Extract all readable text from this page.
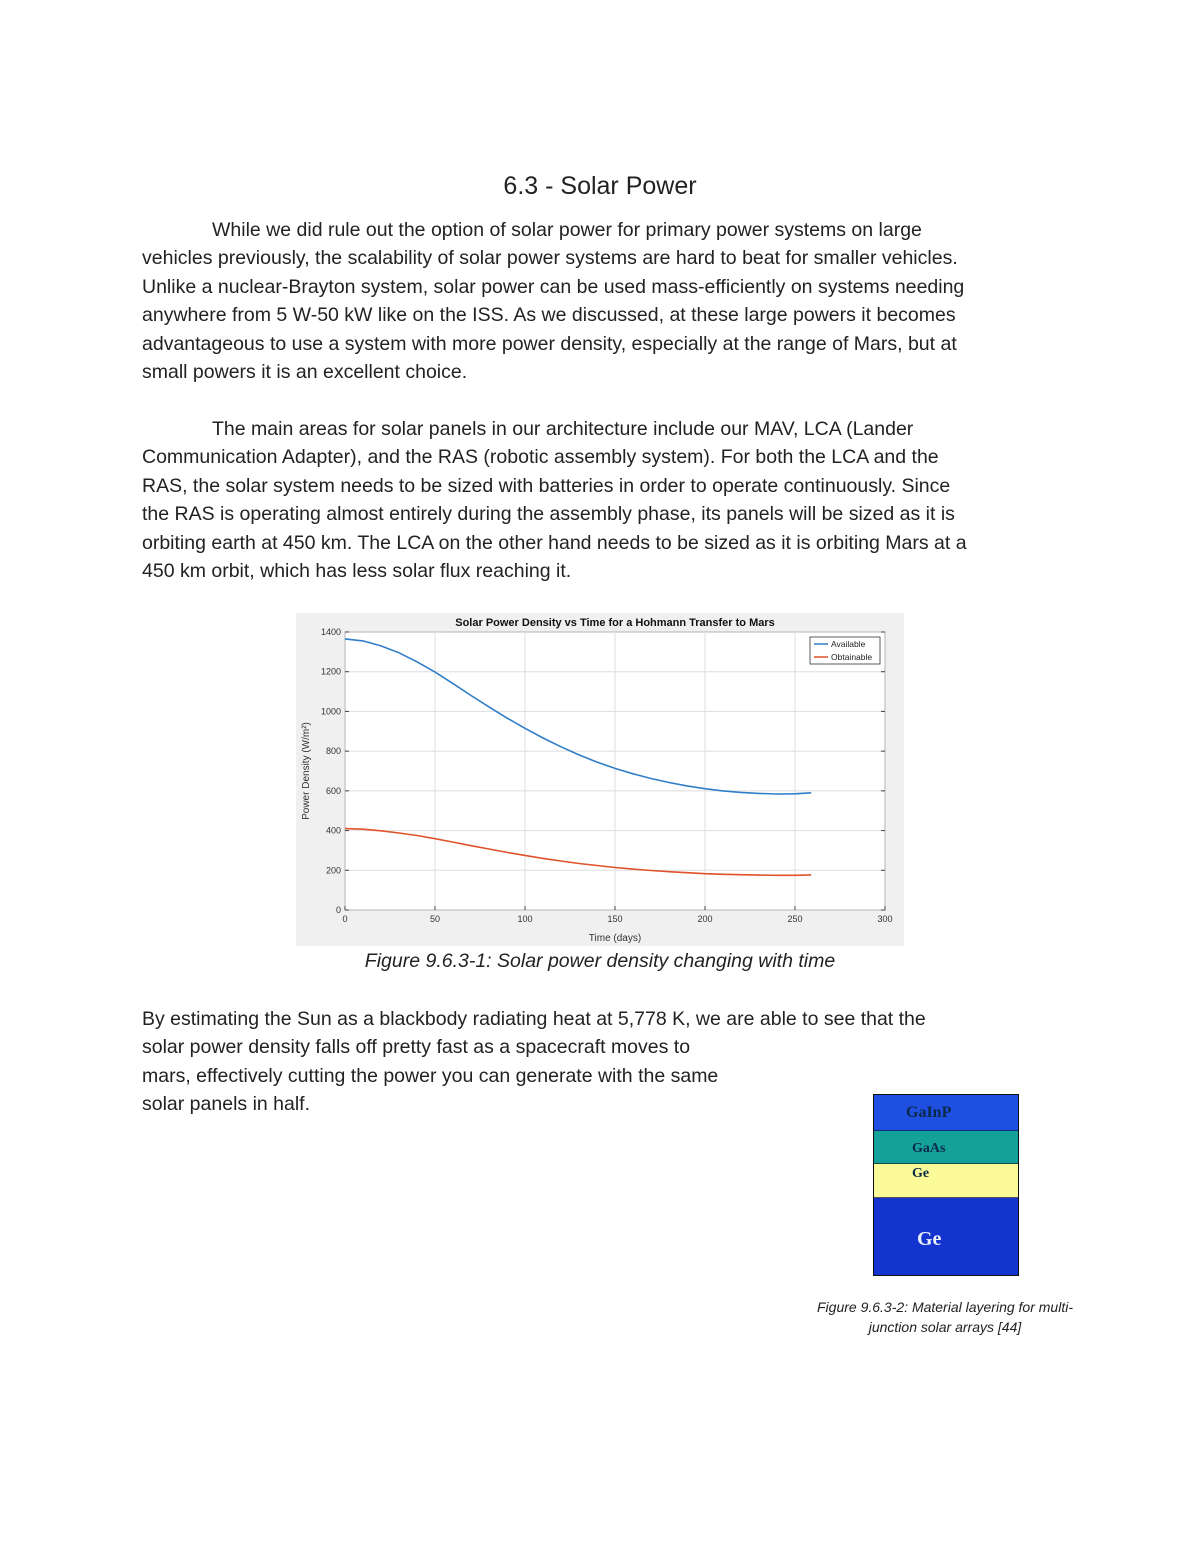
6.3 - Solar Power

While we did rule out the option of solar power for primary power systems on large
vehicles previously, the scalability of solar power systems are hard to beat for smaller vehicles.
Unlike a nuclear-Brayton system, solar power can be used mass-efficiently on systems needing
anywhere from 5 W-50 kW like on the ISS. As we discussed, at these large powers it becomes
advantageous to use a system with more power density, especially at the range of Mars, but at
small powers it is an excellent choice.

The main areas for solar panels in our architecture include our MAV, LCA (Lander
Communication Adapter), and the RAS (robotic assembly system). For both the LCA and the
RAS, the solar system needs to be sized with batteries in order to operate continuously. Since
the RAS is operating almost entirely during the assembly phase, its panels will be sized as it is
orbiting earth at 450 km. The LCA on the other hand needs to be sized as it is orbiting Mars at a
450 km orbit, which has less solar flux reaching it.

0
200
400
600
800
1000
1200
1400
0	50	100	150	200	250	300
Solar Power Density vs Time for a Hohmann Transfer to Mars
Time (days)
Power Density (W/m²)
Available
Obtainable
Figure 9.6.3-1: Solar power density changing with time

By estimating the Sun as a blackbody radiating heat at 5,778 K, we are able to see that the
solar power density falls off pretty fast as a spacecraft moves to
mars, effectively cutting the power you can generate with the same
solar panels in half.	GaInP
GaAs
Ge
Ge
Figure 9.6.3-2: Material layering for multi-junction solar arrays [44]
